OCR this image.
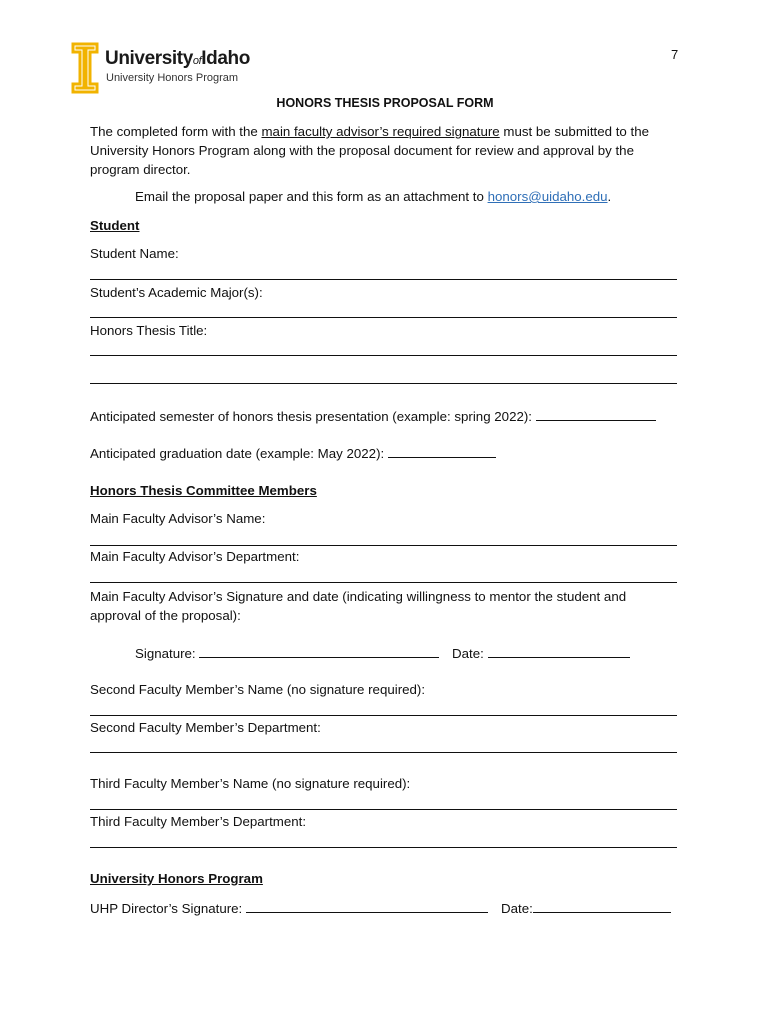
UniversityofIdaho
University Honors Program
7
HONORS THESIS PROPOSAL FORM
The completed form with the main faculty advisor’s required signature must be submitted to the University Honors Program along with the proposal document for review and approval by the program director.
Email the proposal paper and this form as an attachment to honors@uidaho.edu.
Student
Student Name:
Student’s Academic Major(s):
Honors Thesis Title:
Anticipated semester of honors thesis presentation (example: spring 2022):
Anticipated graduation date (example: May 2022):
Honors Thesis Committee Members
Main Faculty Advisor’s Name:
Main Faculty Advisor’s Department:
Main Faculty Advisor’s Signature and date (indicating willingness to mentor the student and approval of the proposal):
Signature:	Date:
Second Faculty Member’s Name (no signature required):
Second Faculty Member’s Department:
Third Faculty Member’s Name (no signature required):
Third Faculty Member’s Department:
University Honors Program
UHP Director’s Signature:	Date:
